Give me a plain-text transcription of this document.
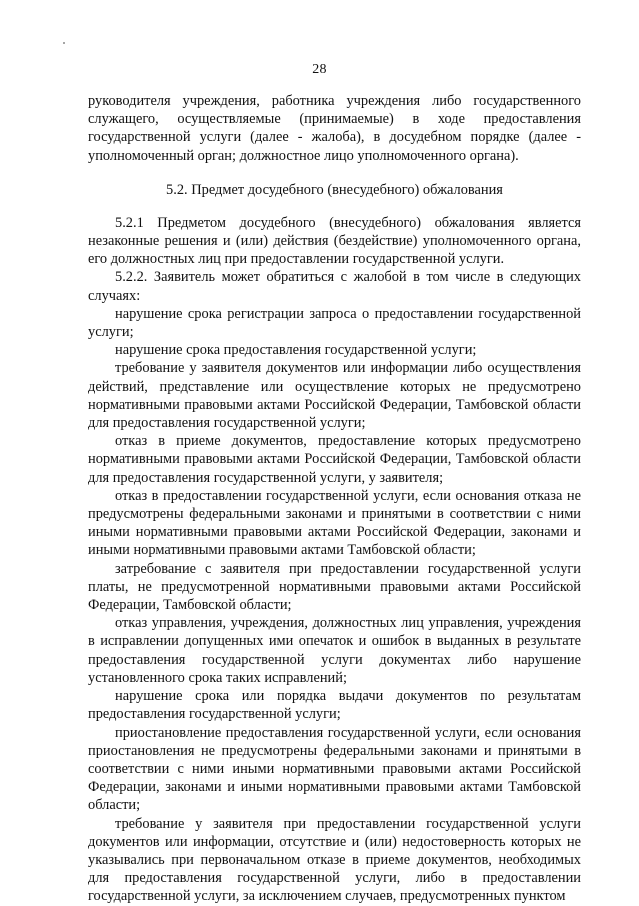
28

руководителя учреждения, работника учреждения либо государственного служащего, осуществляемые (принимаемые) в ходе предоставления государственной услуги (далее - жалоба), в досудебном порядке (далее - уполномоченный орган; должностное лицо уполномоченного органа).

5.2. Предмет досудебного (внесудебного) обжалования

5.2.1 Предметом досудебного (внесудебного) обжалования является незаконные решения и (или) действия (бездействие) уполномоченного органа, его должностных лиц при предоставлении государственной услуги.

5.2.2. Заявитель может обратиться с жалобой в том числе в следующих случаях:

нарушение срока регистрации запроса о предоставлении государственной услуги;

нарушение срока предоставления государственной услуги;

требование у заявителя документов или информации либо осуществления действий, представление или осуществление которых не предусмотрено нормативными правовыми актами Российской Федерации, Тамбовской области для предоставления государственной услуги;

отказ в приеме документов, предоставление которых предусмотрено нормативными правовыми актами Российской Федерации, Тамбовской области для предоставления государственной услуги, у заявителя;

отказ в предоставлении государственной услуги, если основания отказа не предусмотрены федеральными законами и принятыми в соответствии с ними иными нормативными правовыми актами Российской Федерации, законами и иными нормативными правовыми актами Тамбовской области;

затребование с заявителя при предоставлении государственной услуги платы, не предусмотренной нормативными правовыми актами Российской Федерации, Тамбовской области;

отказ управления, учреждения, должностных лиц управления, учреждения в исправлении допущенных ими опечаток и ошибок в выданных в результате предоставления государственной услуги документах либо нарушение установленного срока таких исправлений;

нарушение срока или порядка выдачи документов по результатам предоставления государственной услуги;

приостановление предоставления государственной услуги, если основания приостановления не предусмотрены федеральными законами и принятыми в соответствии с ними иными нормативными правовыми актами Российской Федерации, законами и иными нормативными правовыми актами Тамбовской области;

требование у заявителя при предоставлении государственной услуги документов или информации, отсутствие и (или) недостоверность которых не указывались при первоначальном отказе в приеме документов, необходимых для предоставления государственной услуги, либо в предоставлении государственной услуги, за исключением случаев, предусмотренных пунктом
